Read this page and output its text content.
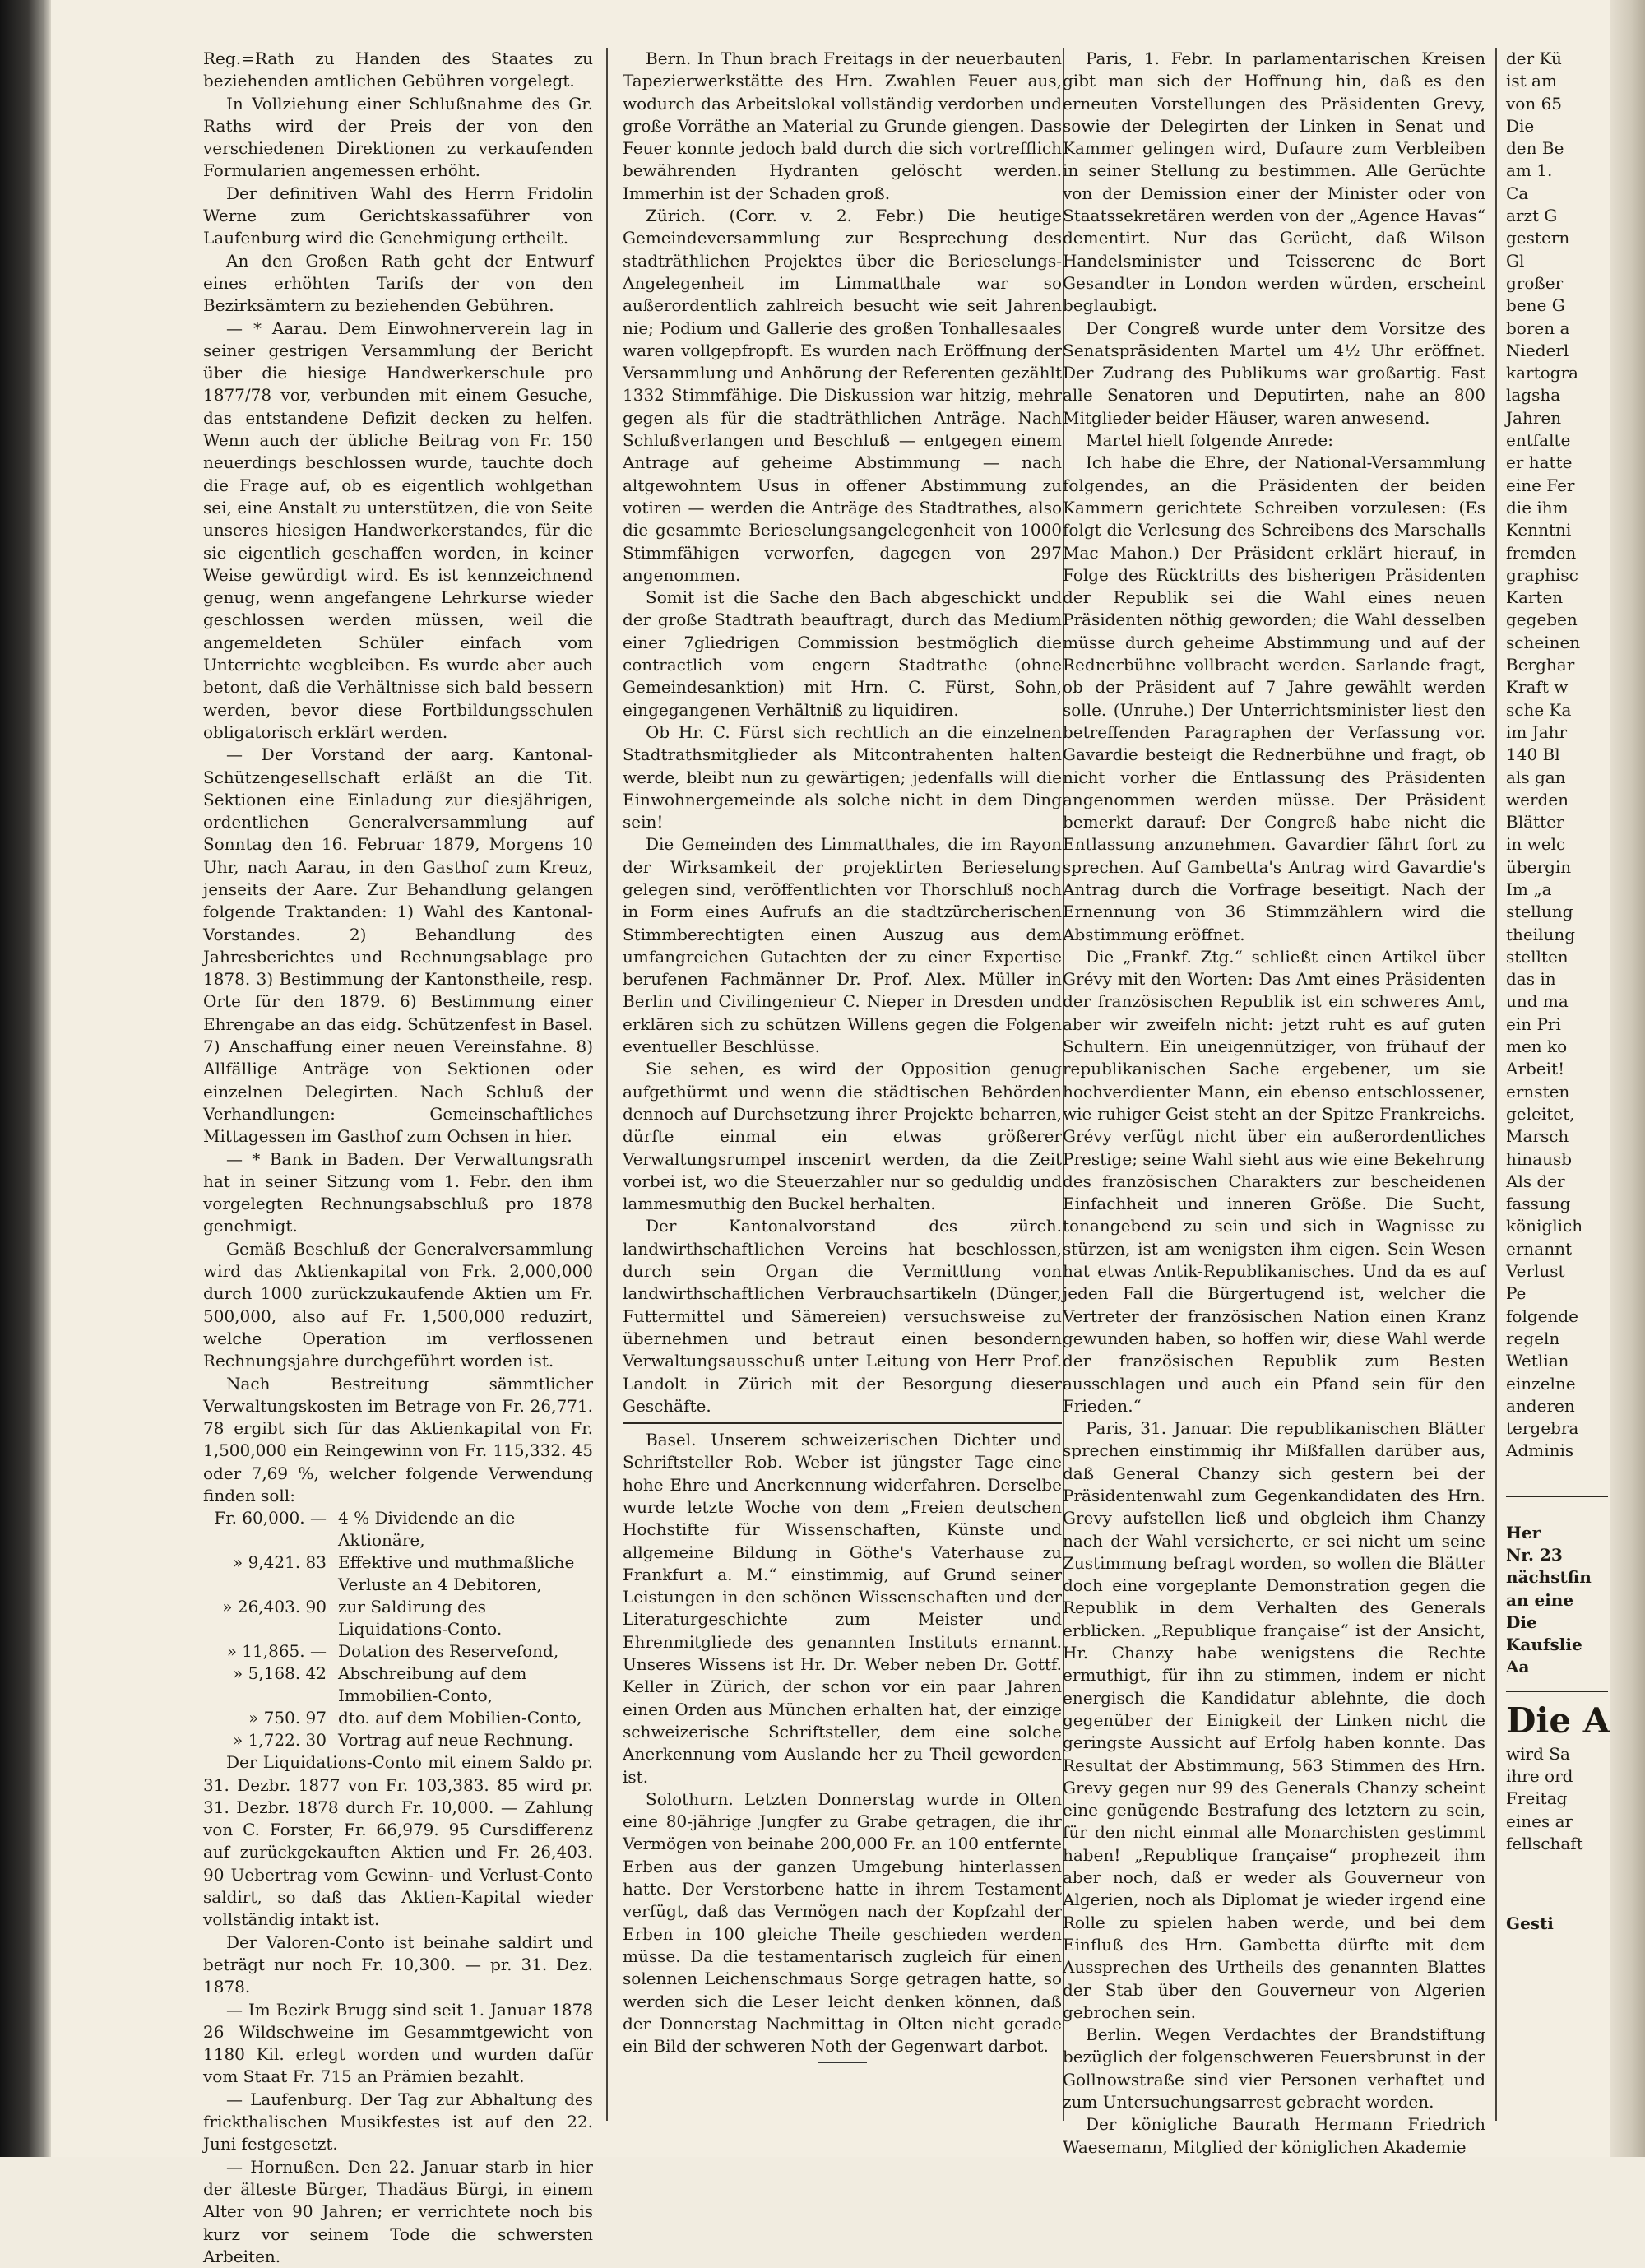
Reg.=Rath zu Handen des Staates zu beziehenden amtlichen Gebühren vorgelegt.

In Vollziehung einer Schlußnahme des Gr. Raths wird der Preis der von den verschiedenen Direktionen zu verkaufenden Formularien angemessen erhöht.

Der definitiven Wahl des Herrn Fridolin Werne zum Gerichtskassaführer von Laufenburg wird die Genehmigung ertheilt.

An den Großen Rath geht der Entwurf eines erhöhten Tarifs der von den Bezirksämtern zu beziehenden Gebühren.

— * Aarau. Dem Einwohnerverein lag in seiner gestrigen Versammlung der Bericht über die hiesige Handwerkerschule pro 1877/78 vor, verbunden mit einem Gesuche, das entstandene Defizit decken zu helfen. Wenn auch der übliche Beitrag von Fr. 150 neuerdings beschlossen wurde, tauchte doch die Frage auf, ob es eigentlich wohlgethan sei, eine Anstalt zu unterstützen, die von Seite unseres hiesigen Handwerkerstandes, für die sie eigentlich geschaffen worden, in keiner Weise gewürdigt wird. Es ist kennzeichnend genug, wenn angefangene Lehrkurse wieder geschlossen werden müssen, weil die angemeldeten Schüler einfach vom Unterrichte wegbleiben. Es wurde aber auch betont, daß die Verhältnisse sich bald bessern werden, bevor diese Fortbildungsschulen obligatorisch erklärt werden.

— Der Vorstand der aarg. Kantonal-Schützengesellschaft erläßt an die Tit. Sektionen eine Einladung zur diesjährigen, ordentlichen Generalversammlung auf Sonntag den 16. Februar 1879, Morgens 10 Uhr, nach Aarau, in den Gasthof zum Kreuz, jenseits der Aare. Zur Behandlung gelangen folgende Traktanden: 1) Wahl des Kantonal-Vorstandes. 2) Behandlung des Jahresberichtes und Rechnungsablage pro 1878. 3) Bestimmung der Kantonstheile, resp. Orte für den 1879. 6) Bestimmung einer Ehrengabe an das eidg. Schützenfest in Basel. 7) Anschaffung einer neuen Vereinsfahne. 8) Allfällige Anträge von Sektionen oder einzelnen Delegirten. Nach Schluß der Verhandlungen: Gemeinschaftliches Mittagessen im Gasthof zum Ochsen in hier.

— * Bank in Baden. Der Verwaltungsrath hat in seiner Sitzung vom 1. Febr. den ihm vorgelegten Rechnungsabschluß pro 1878 genehmigt.

Gemäß Beschluß der Generalversammlung wird das Aktienkapital von Frk. 2,000,000 durch 1000 zurückzukaufende Aktien um Fr. 500,000, also auf Fr. 1,500,000 reduzirt, welche Operation im verflossenen Rechnungsjahre durchgeführt worden ist.

Nach Bestreitung sämmtlicher Verwaltungskosten im Betrage von Fr. 26,771. 78 ergibt sich für das Aktienkapital von Fr. 1,500,000 ein Reingewinn von Fr. 115,332. 45 oder 7,69 %, welcher folgende Verwendung finden soll:

Fr. 60,000. — 4 % Dividende an die Aktionäre,
» 9,421. 83 Effektive und muthmaßliche Verluste an 4 Debitoren,
» 26,403. 90 zur Saldirung des Liquidations-Conto.
» 11,865. — Dotation des Reservefond,
» 5,168. 42 Abschreibung auf dem Immobilien-Conto,
» 750. 97 dto. auf dem Mobilien-Conto,
» 1,722. 30 Vortrag auf neue Rechnung.

Der Liquidations-Conto mit einem Saldo pr. 31. Dezbr. 1877 von Fr. 103,383. 85 wird pr. 31. Dezbr. 1878 durch Fr. 10,000. — Zahlung von C. Forster, Fr. 66,979. 95 Cursdifferenz auf zurückgekauften Aktien und Fr. 26,403. 90 Uebertrag vom Gewinn- und Verlust-Conto saldirt, so daß das Aktien-Kapital wieder vollständig intakt ist.

Der Valoren-Conto ist beinahe saldirt und beträgt nur noch Fr. 10,300. — pr. 31. Dez. 1878.

— Im Bezirk Brugg sind seit 1. Januar 1878 26 Wildschweine im Gesammtgewicht von 1180 Kil. erlegt worden und wurden dafür vom Staat Fr. 715 an Prämien bezahlt.

— Laufenburg. Der Tag zur Abhaltung des frickthalischen Musikfestes ist auf den 22. Juni festgesetzt.

— Hornußen. Den 22. Januar starb in hier der älteste Bürger, Thadäus Bürgi, in einem Alter von 90 Jahren; er verrichtete noch bis kurz vor seinem Tode die schwersten Arbeiten.

Bern. In Thun brach Freitags in der neuerbauten Tapezierwerkstätte des Hrn. Zwahlen Feuer aus, wodurch das Arbeitslokal vollständig verdorben und große Vorräthe an Material zu Grunde giengen. Das Feuer konnte jedoch bald durch die sich vortrefflich bewährenden Hydranten gelöscht werden. Immerhin ist der Schaden groß.

Zürich. (Corr. v. 2. Febr.) Die heutige Gemeindeversammlung zur Besprechung des stadträthlichen Projektes über die Berieselungs-Angelegenheit im Limmatthale war so außerordentlich zahlreich besucht wie seit Jahren nie; Podium und Gallerie des großen Tonhallesaales waren vollgepfropft. Es wurden nach Eröffnung der Versammlung und Anhörung der Referenten gezählt 1332 Stimmfähige. Die Diskussion war hitzig, mehr gegen als für die stadträthlichen Anträge. Nach Schlußverlangen und Beschluß — entgegen einem Antrage auf geheime Abstimmung — nach altgewohntem Usus in offener Abstimmung zu votiren — werden die Anträge des Stadtrathes, also die gesammte Berieselungsangelegenheit von 1000 Stimmfähigen verworfen, dagegen von 297 angenommen.

Somit ist die Sache den Bach abgeschickt und der große Stadtrath beauftragt, durch das Medium einer 7gliedrigen Commission bestmöglich die contractlich vom engern Stadtrathe (ohne Gemeindesanktion) mit Hrn. C. Fürst, Sohn, eingegangenen Verhältniß zu liquidiren.

Ob Hr. C. Fürst sich rechtlich an die einzelnen Stadtrathsmitglieder als Mitcontrahenten halten werde, bleibt nun zu gewärtigen; jedenfalls will die Einwohnergemeinde als solche nicht in dem Ding sein!

Die Gemeinden des Limmatthales, die im Rayon der Wirksamkeit der projektirten Berieselung gelegen sind, veröffentlichten vor Thorschluß noch in Form eines Aufrufs an die stadtzürcherischen Stimmberechtigten einen Auszug aus dem umfangreichen Gutachten der zu einer Expertise berufenen Fachmänner Dr. Prof. Alex. Müller in Berlin und Civilingenieur C. Nieper in Dresden und erklären sich zu schützen Willens gegen die Folgen eventueller Beschlüsse.

Sie sehen, es wird der Opposition genug aufgethürmt und wenn die städtischen Behörden dennoch auf Durchsetzung ihrer Projekte beharren, dürfte einmal ein etwas größerer Verwaltungsrumpel inscenirt werden, da die Zeit vorbei ist, wo die Steuerzahler nur so geduldig und lammesmuthig den Buckel herhalten.

Der Kantonalvorstand des zürch. landwirthschaftlichen Vereins hat beschlossen, durch sein Organ die Vermittlung von landwirthschaftlichen Verbrauchsartikeln (Dünger, Futtermittel und Sämereien) versuchsweise zu übernehmen und betraut einen besondern Verwaltungsausschuß unter Leitung von Herr Prof. Landolt in Zürich mit der Besorgung dieser Geschäfte.

Basel. Unserem schweizerischen Dichter und Schriftsteller Rob. Weber ist jüngster Tage eine hohe Ehre und Anerkennung widerfahren. Derselbe wurde letzte Woche von dem „Freien deutschen Hochstifte für Wissenschaften, Künste und allgemeine Bildung in Göthe's Vaterhause zu Frankfurt a. M.“ einstimmig, auf Grund seiner Leistungen in den schönen Wissenschaften und der Literaturgeschichte zum Meister und Ehrenmitgliede des genannten Instituts ernannt. Unseres Wissens ist Hr. Dr. Weber neben Dr. Gottf. Keller in Zürich, der schon vor ein paar Jahren einen Orden aus München erhalten hat, der einzige schweizerische Schriftsteller, dem eine solche Anerkennung vom Auslande her zu Theil geworden ist.

Solothurn. Letzten Donnerstag wurde in Olten eine 80-jährige Jungfer zu Grabe getragen, die ihr Vermögen von beinahe 200,000 Fr. an 100 entfernte Erben aus der ganzen Umgebung hinterlassen hatte. Der Verstorbene hatte in ihrem Testament verfügt, daß das Vermögen nach der Kopfzahl der Erben in 100 gleiche Theile geschieden werden müsse. Da die testamentarisch zugleich für einen solennen Leichenschmaus Sorge getragen hatte, so werden sich die Leser leicht denken können, daß der Donnerstag Nachmittag in Olten nicht gerade ein Bild der schweren Noth der Gegenwart darbot.

Paris, 1. Febr. In parlamentarischen Kreisen gibt man sich der Hoffnung hin, daß es den erneuten Vorstellungen des Präsidenten Grevy, sowie der Delegirten der Linken in Senat und Kammer gelingen wird, Dufaure zum Verbleiben in seiner Stellung zu bestimmen. Alle Gerüchte von der Demission einer der Minister oder von Staatssekretären werden von der „Agence Havas“ dementirt. Nur das Gerücht, daß Wilson Handelsminister und Teisserenc de Bort Gesandter in London werden würden, erscheint beglaubigt.

Der Congreß wurde unter dem Vorsitze des Senatspräsidenten Martel um 4½ Uhr eröffnet. Der Zudrang des Publikums war großartig. Fast alle Senatoren und Deputirten, nahe an 800 Mitglieder beider Häuser, waren anwesend.

Martel hielt folgende Anrede:

Ich habe die Ehre, der National-Versammlung folgendes, an die Präsidenten der beiden Kammern gerichtete Schreiben vorzulesen: (Es folgt die Verlesung des Schreibens des Marschalls Mac Mahon.) Der Präsident erklärt hierauf, in Folge des Rücktritts des bisherigen Präsidenten der Republik sei die Wahl eines neuen Präsidenten nöthig geworden; die Wahl desselben müsse durch geheime Abstimmung und auf der Rednerbühne vollbracht werden. Sarlande fragt, ob der Präsident auf 7 Jahre gewählt werden solle. (Unruhe.) Der Unterrichtsminister liest den betreffenden Paragraphen der Verfassung vor. Gavardie besteigt die Rednerbühne und fragt, ob nicht vorher die Entlassung des Präsidenten angenommen werden müsse. Der Präsident bemerkt darauf: Der Congreß habe nicht die Entlassung anzunehmen. Gavardier fährt fort zu sprechen. Auf Gambetta's Antrag wird Gavardie's Antrag durch die Vorfrage beseitigt. Nach der Ernennung von 36 Stimmzählern wird die Abstimmung eröffnet.

Die „Frankf. Ztg.“ schließt einen Artikel über Grévy mit den Worten: Das Amt eines Präsidenten der französischen Republik ist ein schweres Amt, aber wir zweifeln nicht: jetzt ruht es auf guten Schultern. Ein uneigennütziger, von frühauf der republikanischen Sache ergebener, um sie hochverdienter Mann, ein ebenso entschlossener, wie ruhiger Geist steht an der Spitze Frankreichs. Grévy verfügt nicht über ein außerordentliches Prestige; seine Wahl sieht aus wie eine Bekehrung des französischen Charakters zur bescheidenen Einfachheit und inneren Größe. Die Sucht, tonangebend zu sein und sich in Wagnisse zu stürzen, ist am wenigsten ihm eigen. Sein Wesen hat etwas Antik-Republikanisches. Und da es auf jeden Fall die Bürgertugend ist, welcher die Vertreter der französischen Nation einen Kranz gewunden haben, so hoffen wir, diese Wahl werde der französischen Republik zum Besten ausschlagen und auch ein Pfand sein für den Frieden.“

Paris, 31. Januar. Die republikanischen Blätter sprechen einstimmig ihr Mißfallen darüber aus, daß General Chanzy sich gestern bei der Präsidentenwahl zum Gegenkandidaten des Hrn. Grevy aufstellen ließ und obgleich ihm Chanzy nach der Wahl versicherte, er sei nicht um seine Zustimmung befragt worden, so wollen die Blätter doch eine vorgeplante Demonstration gegen die Republik in dem Verhalten des Generals erblicken. „Republique française“ ist der Ansicht, Hr. Chanzy habe wenigstens die Rechte ermuthigt, für ihn zu stimmen, indem er nicht energisch die Kandidatur ablehnte, die doch gegenüber der Einigkeit der Linken nicht die geringste Aussicht auf Erfolg haben konnte. Das Resultat der Abstimmung, 563 Stimmen des Hrn. Grevy gegen nur 99 des Generals Chanzy scheint eine genügende Bestrafung des letztern zu sein, für den nicht einmal alle Monarchisten gestimmt haben! „Republique française“ prophezeit ihm aber noch, daß er weder als Gouverneur von Algerien, noch als Diplomat je wieder irgend eine Rolle zu spielen haben werde, und bei dem Einfluß des Hrn. Gambetta dürfte mit dem Aussprechen des Urtheils des genannten Blattes der Stab über den Gouverneur von Algerien gebrochen sein.

Berlin. Wegen Verdachtes der Brandstiftung bezüglich der folgenschweren Feuersbrunst in der Gollnowstraße sind vier Personen verhaftet und zum Untersuchungsarrest gebracht worden.

Der königliche Baurath Hermann Friedrich Waesemann, Mitglied der königlichen Akademie

der Kü
ist am
von 65
Die
den Be
am 1.
Ca
arzt G
gestern
Gl
großer
bene G
boren a
Niederl
kartogra
lagsha
Jahren
entfalte
er hatte
eine Fer
die ihm
Kenntni
fremden
graphisc
Karten
gegeben
scheinen
Berghar
Kraft w
sche Ka
im Jahr
140 Bl
als gan
werden
Blätter
in welc
übergin
Im „a
stellung
theilung
stellten
das in
und ma
ein Pri
men ko
Arbeit!
ernsten
geleitet,
Marsch
hinausb
Als der
fassung
königlich
ernannt
Verlust
Pe
folgende
regeln
Wetlian
einzelne
anderen
tergebra
Adminis
Her
Nr. 23
nächstfin
an eine
Die
Kaufslie
Aa
Die A
wird Sa
ihre ord
Freitag
eines ar
fellschaft
Gesti
